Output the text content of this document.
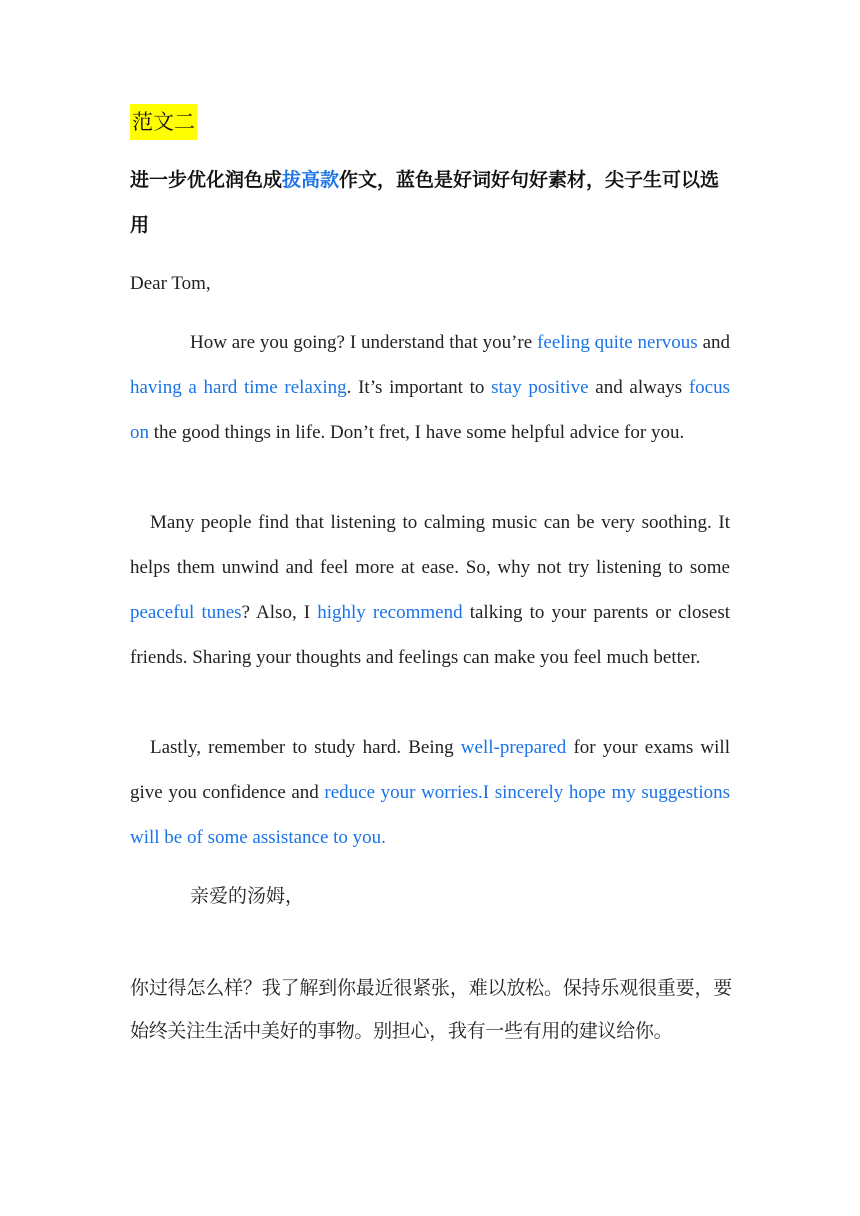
范文二
进一步优化润色成拔高款作文，蓝色是好词好句好素材，尖子生可以选用
Dear Tom,

How are you going? I understand that you’re feeling quite nervous and having a hard time relaxing. It’s important to stay positive and always focus on the good things in life. Don’t fret, I have some helpful advice for you.

Many people find that listening to calming music can be very soothing. It helps them unwind and feel more at ease. So, why not try listening to some peaceful tunes? Also, I highly recommend talking to your parents or closest friends. Sharing your thoughts and feelings can make you feel much better.

Lastly, remember to study hard. Being well-prepared for your exams will give you confidence and reduce your worries.I sincerely hope my suggestions will be of some assistance to you.

亲爱的汤姆，

你过得怎么样？我了解到你最近很紧张，难以放松。保持乐观很重要，要始终关注生活中美好的事物。别担心，我有一些有用的建议给你。
